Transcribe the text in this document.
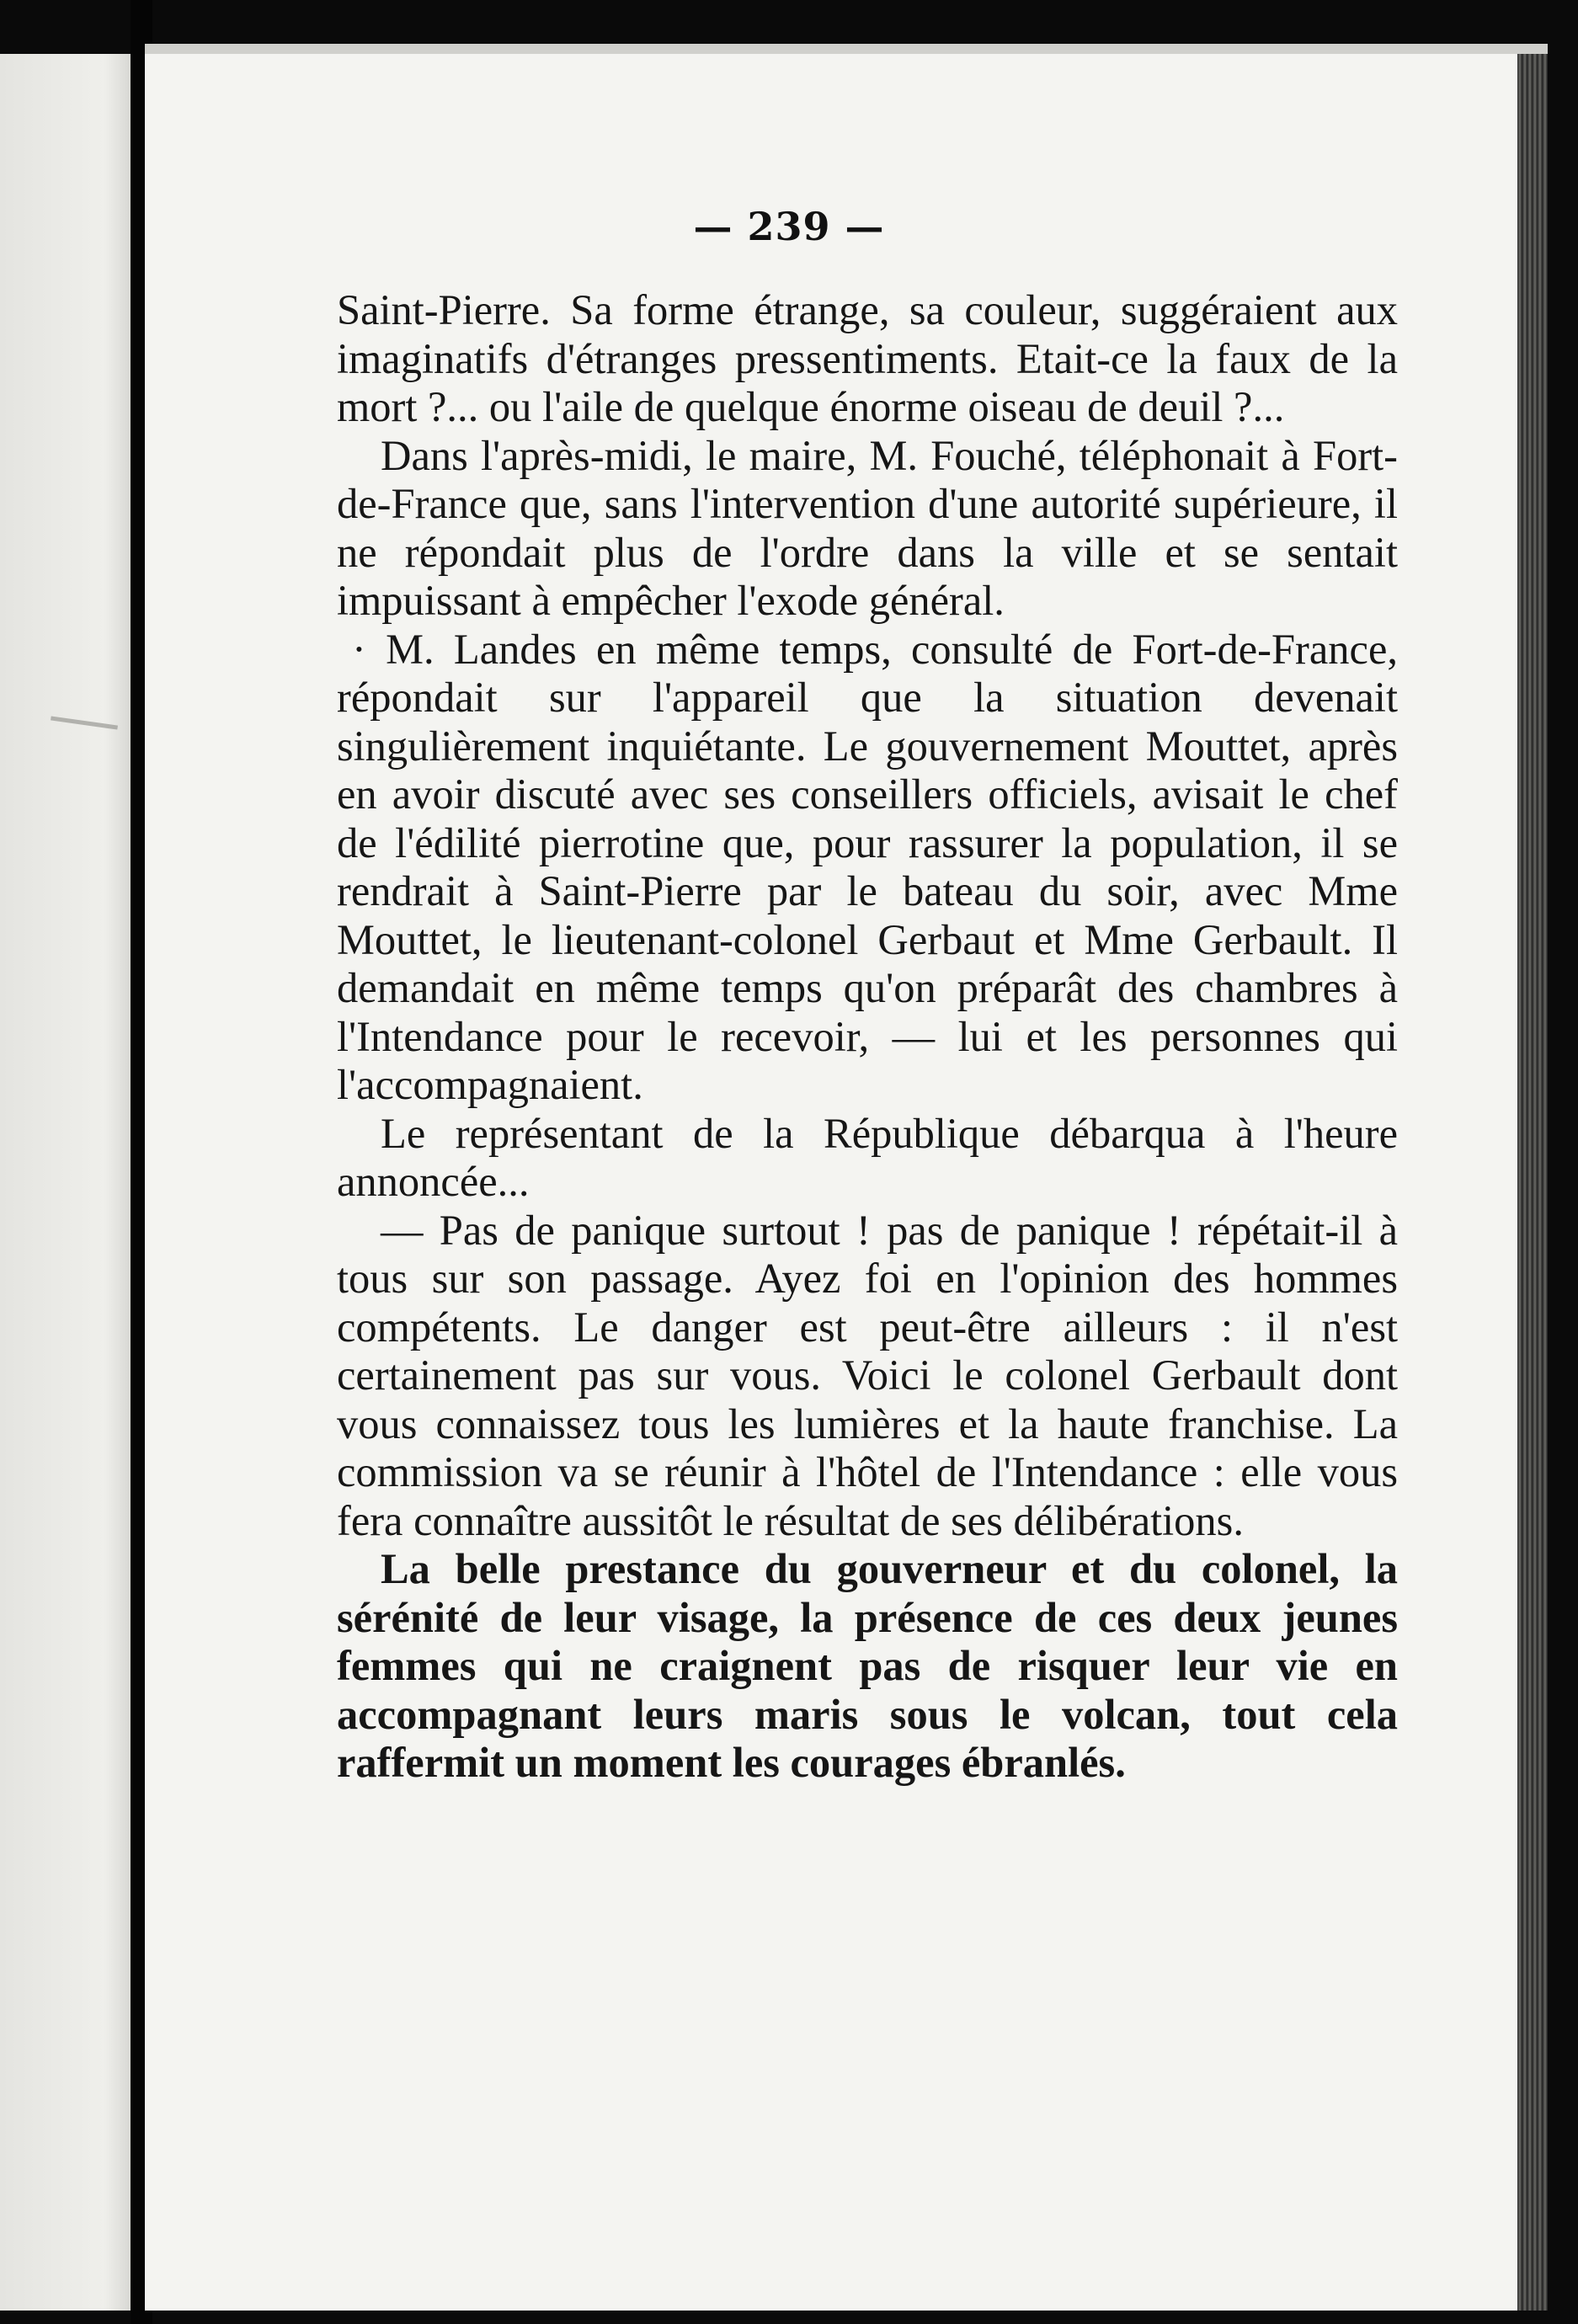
— 239 —

Saint-Pierre. Sa forme étrange, sa couleur, suggéraient aux imaginatifs d'étranges pressentiments. Etait-ce la faux de la mort ?... ou l'aile de quelque énorme oiseau de deuil ?...

Dans l'après-midi, le maire, M. Fouché, téléphonait à Fort-de-France que, sans l'intervention d'une autorité supérieure, il ne répondait plus de l'ordre dans la ville et se sentait impuissant à empêcher l'exode général.

· M. Landes en même temps, consulté de Fort-de-France, répondait sur l'appareil que la situation devenait singulièrement inquiétante. Le gouvernement Mouttet, après en avoir discuté avec ses conseillers officiels, avisait le chef de l'édilité pierrotine que, pour rassurer la population, il se rendrait à Saint-Pierre par le bateau du soir, avec Mme Mouttet, le lieutenant-colonel Gerbaut et Mme Gerbault. Il demandait en même temps qu'on préparât des chambres à l'Intendance pour le recevoir, — lui et les personnes qui l'accompagnaient.

Le représentant de la République débarqua à l'heure annoncée...

— Pas de panique surtout ! pas de panique ! répétait-il à tous sur son passage. Ayez foi en l'opinion des hommes compétents. Le danger est peut-être ailleurs : il n'est certainement pas sur vous. Voici le colonel Gerbault dont vous connaissez tous les lumières et la haute franchise. La commission va se réunir à l'hôtel de l'Intendance : elle vous fera connaître aussitôt le résultat de ses délibérations.

La belle prestance du gouverneur et du colonel, la sérénité de leur visage, la présence de ces deux jeunes femmes qui ne craignent pas de risquer leur vie en accompagnant leurs maris sous le volcan, tout cela raffermit un moment les courages ébranlés.
